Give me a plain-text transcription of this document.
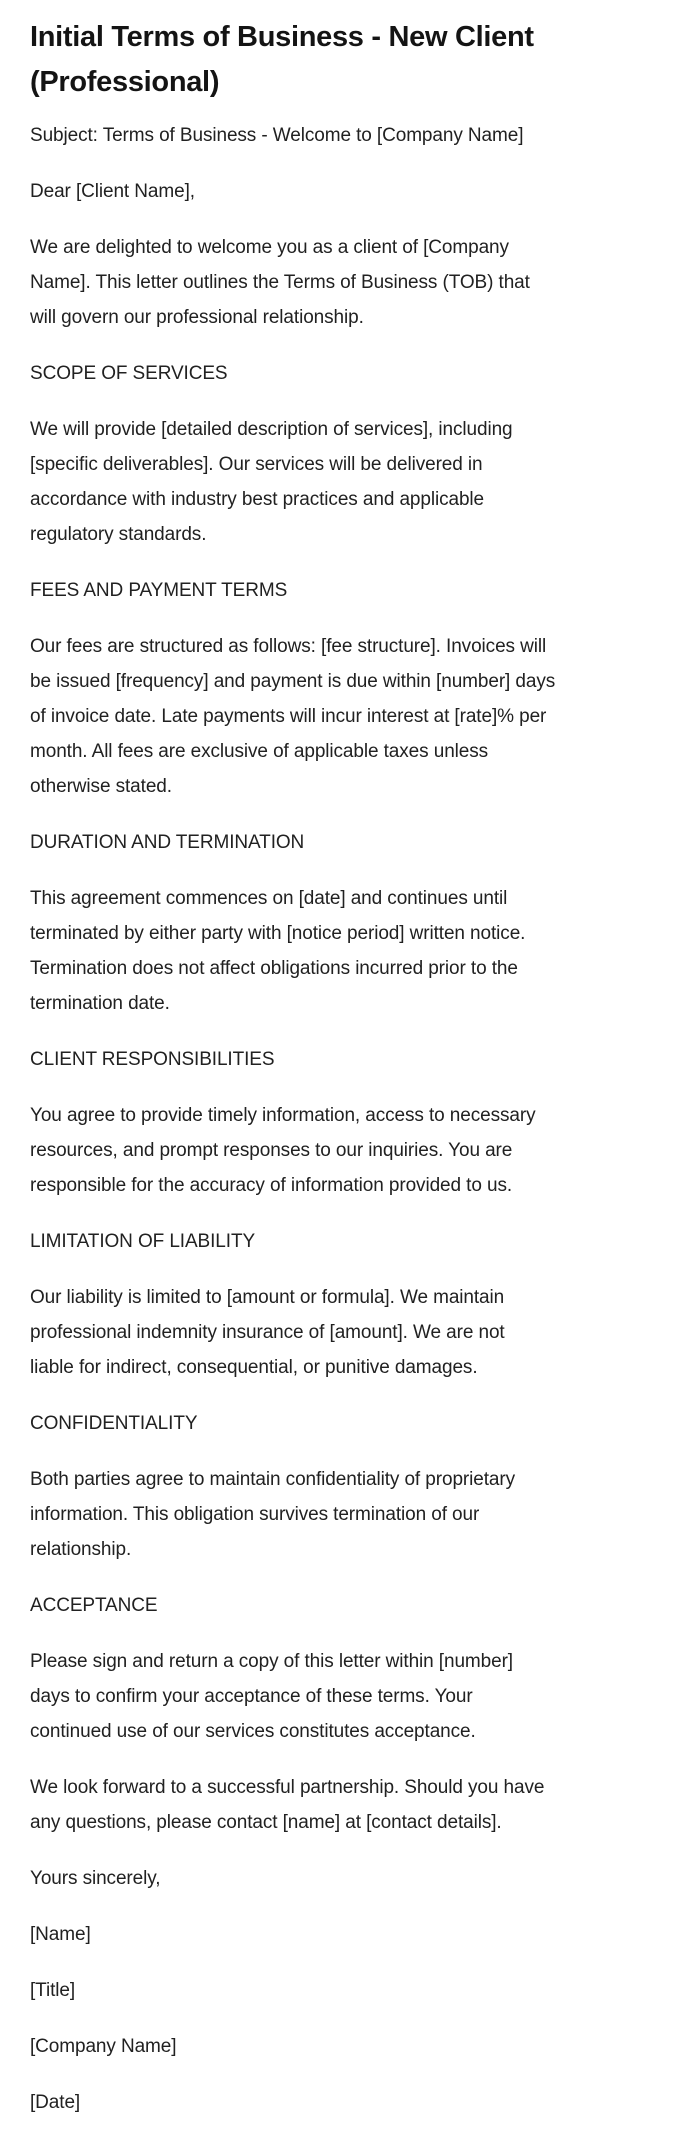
Initial Terms of Business - New Client
(Professional)

Subject: Terms of Business - Welcome to [Company Name]

Dear [Client Name],

We are delighted to welcome you as a client of [Company
Name]. This letter outlines the Terms of Business (TOB) that
will govern our professional relationship.

SCOPE OF SERVICES

We will provide [detailed description of services], including
[specific deliverables]. Our services will be delivered in
accordance with industry best practices and applicable
regulatory standards.

FEES AND PAYMENT TERMS

Our fees are structured as follows: [fee structure]. Invoices will
be issued [frequency] and payment is due within [number] days
of invoice date. Late payments will incur interest at [rate]% per
month. All fees are exclusive of applicable taxes unless
otherwise stated.

DURATION AND TERMINATION

This agreement commences on [date] and continues until
terminated by either party with [notice period] written notice.
Termination does not affect obligations incurred prior to the
termination date.

CLIENT RESPONSIBILITIES

You agree to provide timely information, access to necessary
resources, and prompt responses to our inquiries. You are
responsible for the accuracy of information provided to us.

LIMITATION OF LIABILITY

Our liability is limited to [amount or formula]. We maintain
professional indemnity insurance of [amount]. We are not
liable for indirect, consequential, or punitive damages.

CONFIDENTIALITY

Both parties agree to maintain confidentiality of proprietary
information. This obligation survives termination of our
relationship.

ACCEPTANCE

Please sign and return a copy of this letter within [number]
days to confirm your acceptance of these terms. Your
continued use of our services constitutes acceptance.

We look forward to a successful partnership. Should you have
any questions, please contact [name] at [contact details].

Yours sincerely,

[Name]

[Title]

[Company Name]

[Date]
